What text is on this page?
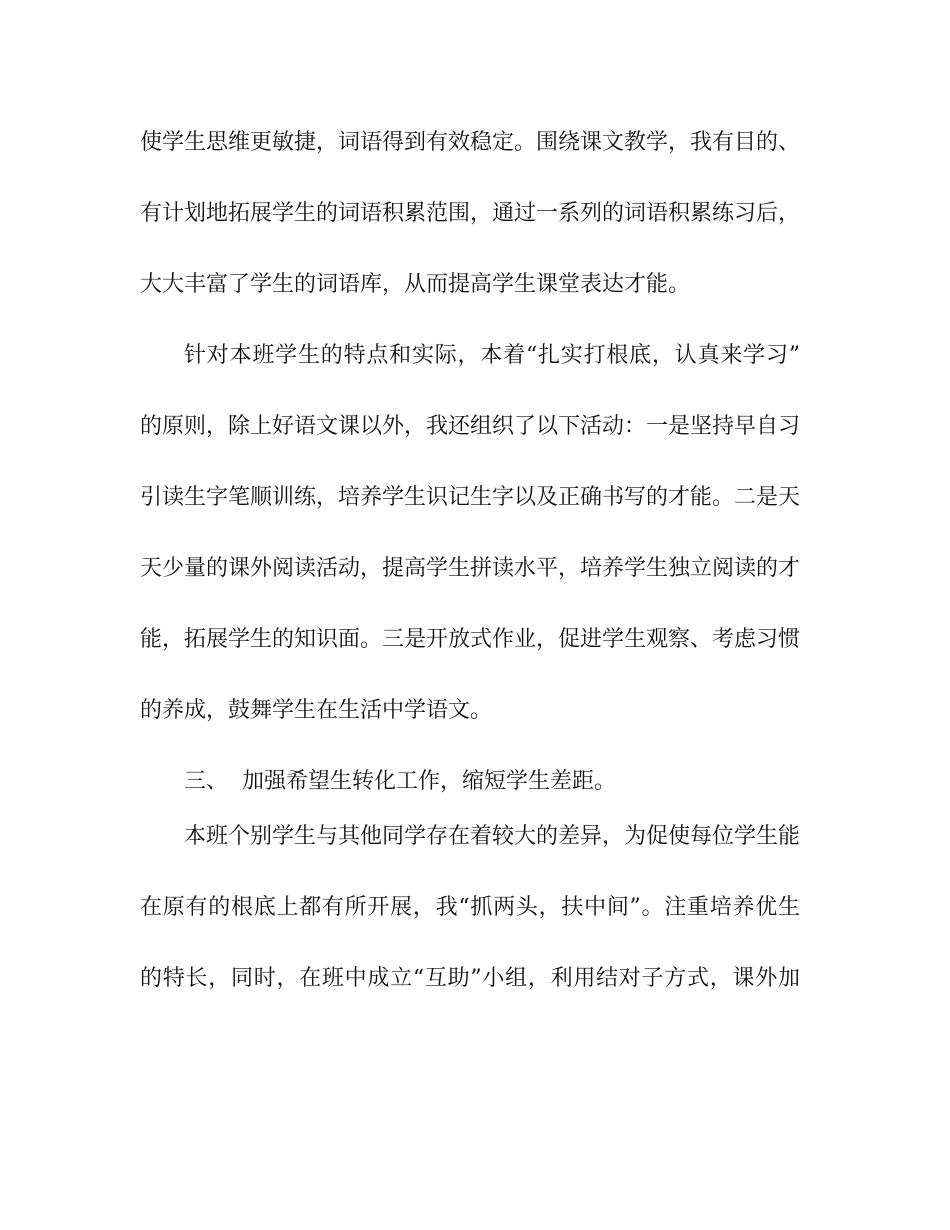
使学生思维更敏捷，词语得到有效稳定。围绕课文教学，我有目的、
有计划地拓展学生的词语积累范围，通过一系列的词语积累练习后，
大大丰富了学生的词语库，从而提高学生课堂表达才能。
针对本班学生的特点和实际，本着“扎实打根底，认真来学习”
的原则，除上好语文课以外，我还组织了以下活动：一是坚持早自习
引读生字笔顺训练，培养学生识记生字以及正确书写的才能。二是天
天少量的课外阅读活动，提高学生拼读水平，培养学生独立阅读的才
能，拓展学生的知识面。三是开放式作业，促进学生观察、考虑习惯
的养成，鼓舞学生在生活中学语文。
三、  加强希望生转化工作，缩短学生差距。
本班个别学生与其他同学存在着较大的差异，为促使每位学生能
在原有的根底上都有所开展，我“抓两头，扶中间”。注重培养优生
的特长，同时，在班中成立“互助”小组，利用结对子方式，课外加
